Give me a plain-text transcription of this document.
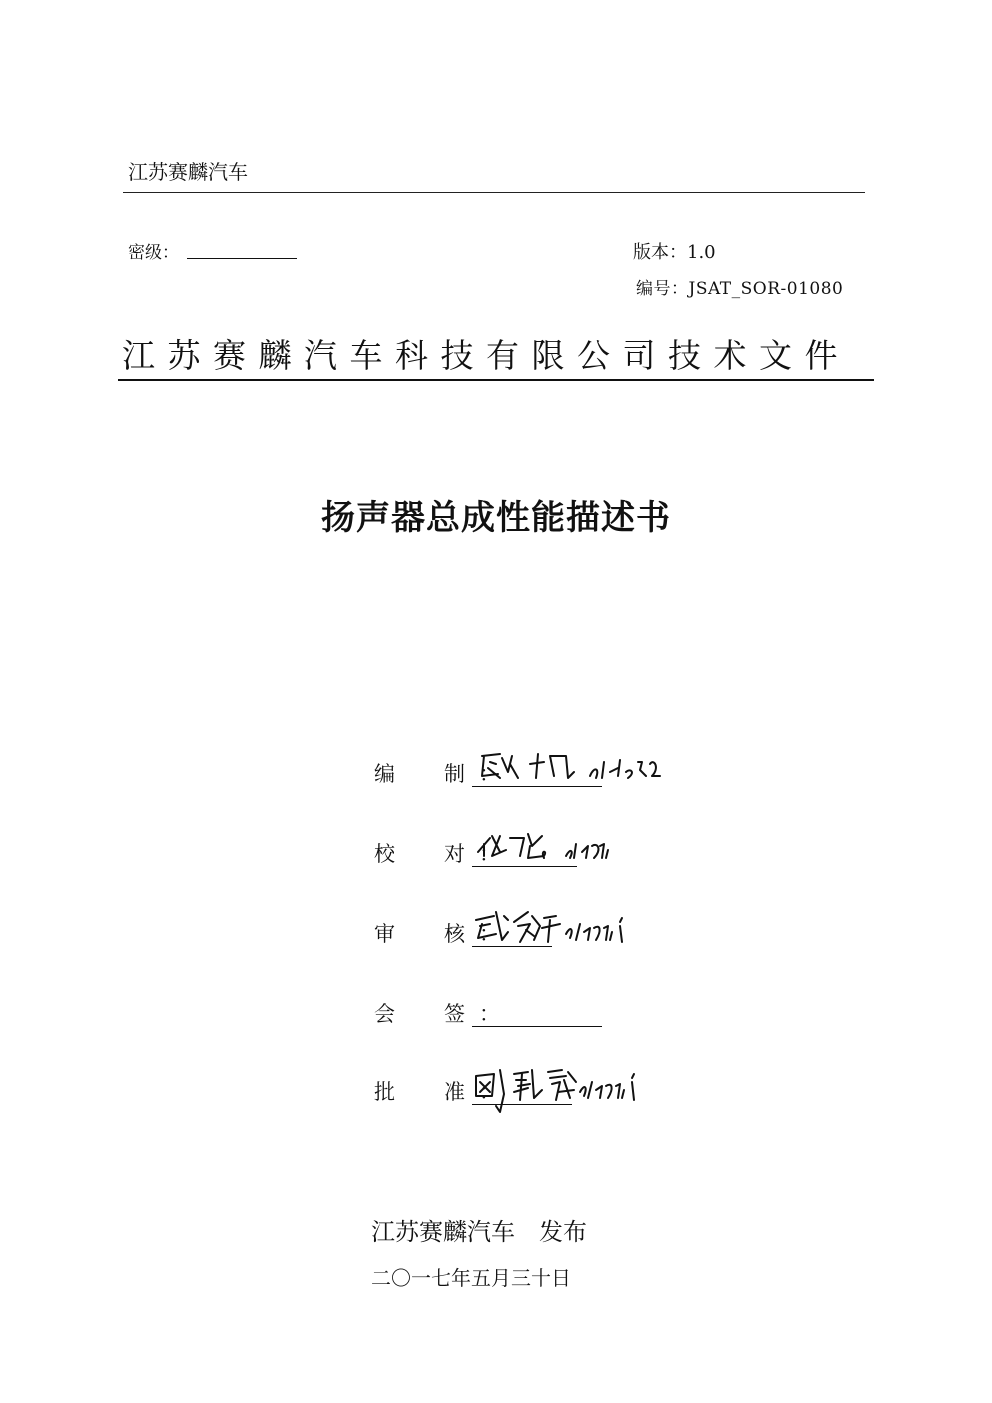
江苏赛麟汽车
密级：	版本：1.0
编号：JSAT_SOR-01080
江苏赛麟汽车科技有限公司技术文件
扬声器总成性能描述书
编　制：
校　对：
审　核：
会　签：
批　准：
江苏赛麟汽车　发布
二〇一七年五月三十日
